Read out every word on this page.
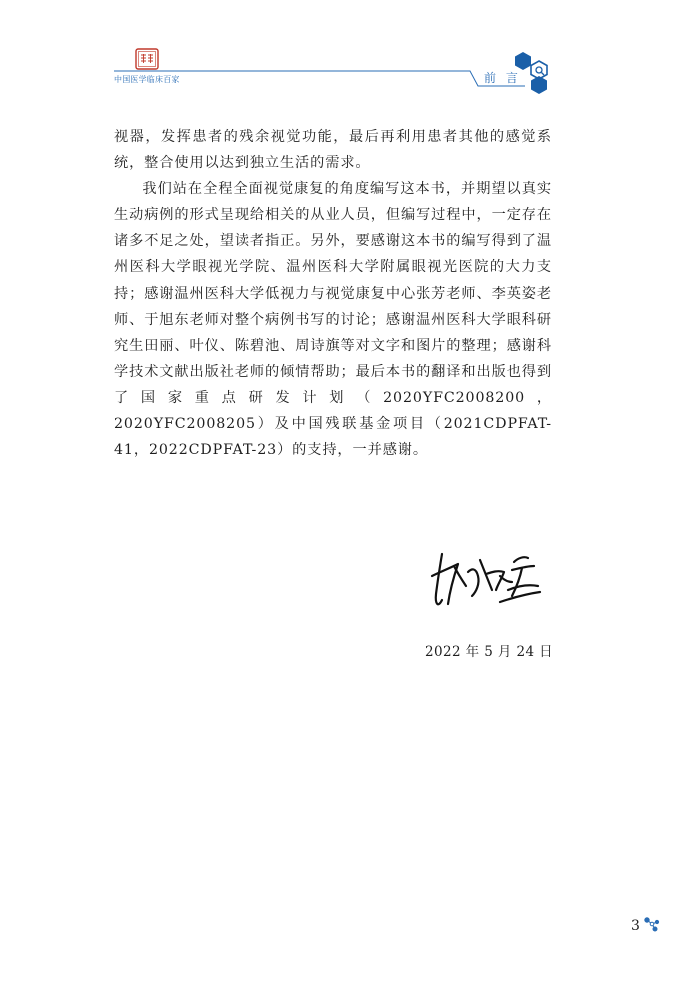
中国医学临床百家	前 言

视器，发挥患者的残余视觉功能，最后再利用患者其他的感觉系统，整合使用以达到独立生活的需求。

我们站在全程全面视觉康复的角度编写这本书，并期望以真实生动病例的形式呈现给相关的从业人员，但编写过程中，一定存在诸多不足之处，望读者指正。另外，要感谢这本书的编写得到了温州医科大学眼视光学院、温州医科大学附属眼视光医院的大力支持；感谢温州医科大学低视力与视觉康复中心张芳老师、李英姿老师、于旭东老师对整个病例书写的讨论；感谢温州医科大学眼科研究生田丽、叶仪、陈碧池、周诗旗等对文字和图片的整理；感谢科学技术文献出版社老师的倾情帮助；最后本书的翻译和出版也得到了国家重点研发计划（2020YFC2008200，2020YFC2008205）及中国残联基金项目（2021CDPFAT-41，2022CDPFAT-23）的支持，一并感谢。

2022 年 5 月 24 日
3
